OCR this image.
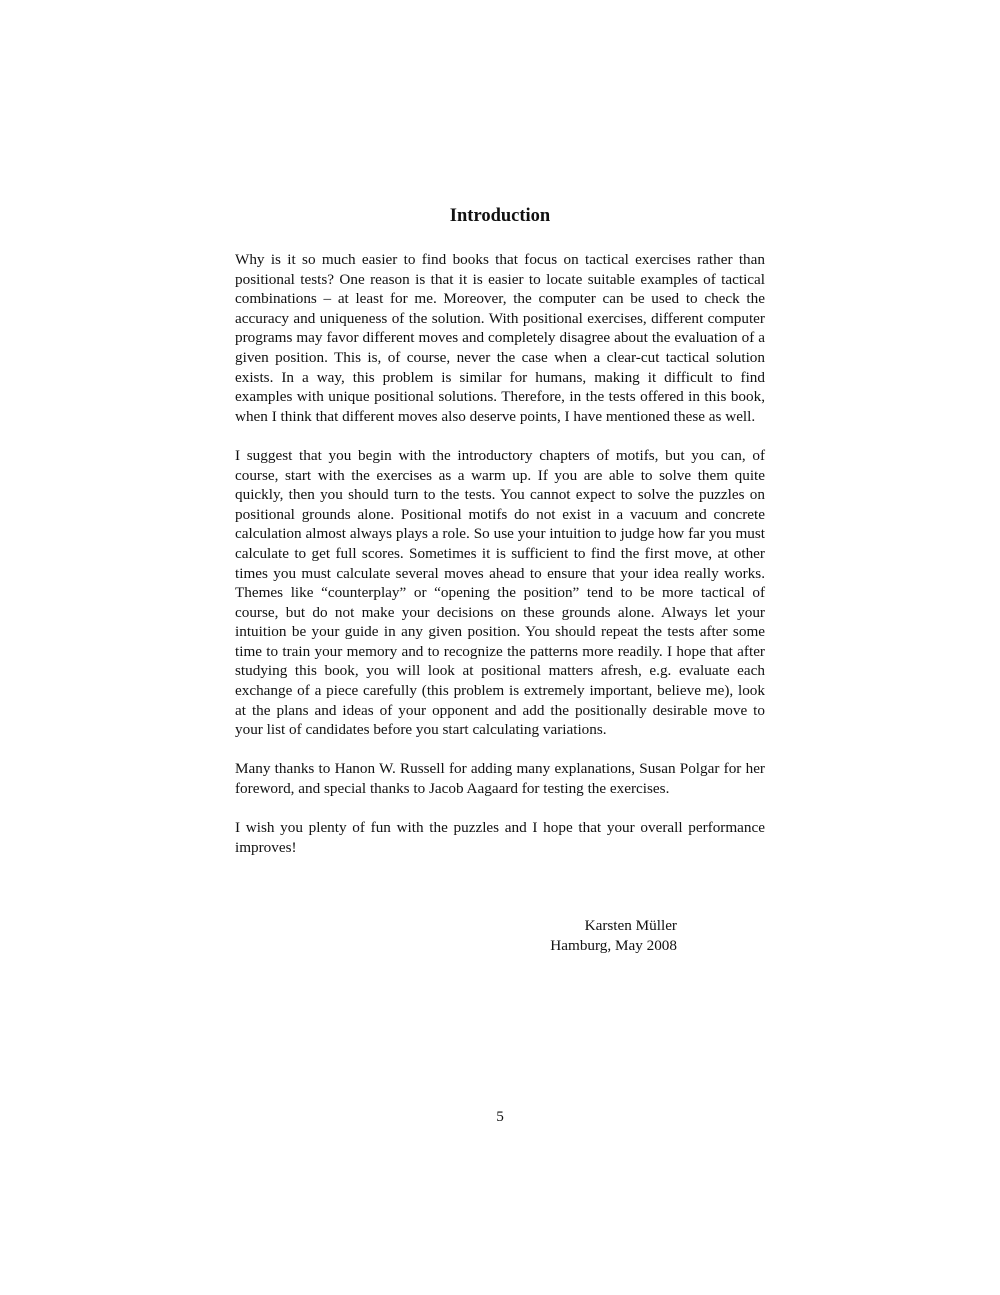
Introduction

Why is it so much easier to find books that focus on tactical exercises rather than positional tests? One reason is that it is easier to locate suitable examples of tactical combinations – at least for me. Moreover, the computer can be used to check the accuracy and uniqueness of the solution. With positional exercises, different computer programs may favor different moves and completely disagree about the evaluation of a given position. This is, of course, never the case when a clear-cut tactical solution exists. In a way, this problem is similar for humans, making it difficult to find examples with unique positional solutions. Therefore, in the tests offered in this book, when I think that different moves also deserve points, I have mentioned these as well.

I suggest that you begin with the introductory chapters of motifs, but you can, of course, start with the exercises as a warm up. If you are able to solve them quite quickly, then you should turn to the tests. You cannot expect to solve the puzzles on positional grounds alone. Positional motifs do not exist in a vacuum and concrete calculation almost always plays a role. So use your intuition to judge how far you must calculate to get full scores. Sometimes it is sufficient to find the first move, at other times you must calculate several moves ahead to ensure that your idea really works. Themes like “counterplay” or “opening the position” tend to be more tactical of course, but do not make your decisions on these grounds alone. Always let your intuition be your guide in any given position. You should repeat the tests after some time to train your memory and to recognize the patterns more readily. I hope that after studying this book, you will look at positional matters afresh, e.g. evaluate each exchange of a piece carefully (this problem is extremely important, believe me), look at the plans and ideas of your opponent and add the positionally desirable move to your list of candidates before you start calculating variations.

Many thanks to Hanon W. Russell for adding many explanations, Susan Polgar for her foreword, and special thanks to Jacob Aagaard for testing the exercises.

I wish you plenty of fun with the puzzles and I hope that your overall performance improves!

Karsten Müller
Hamburg, May 2008
5
